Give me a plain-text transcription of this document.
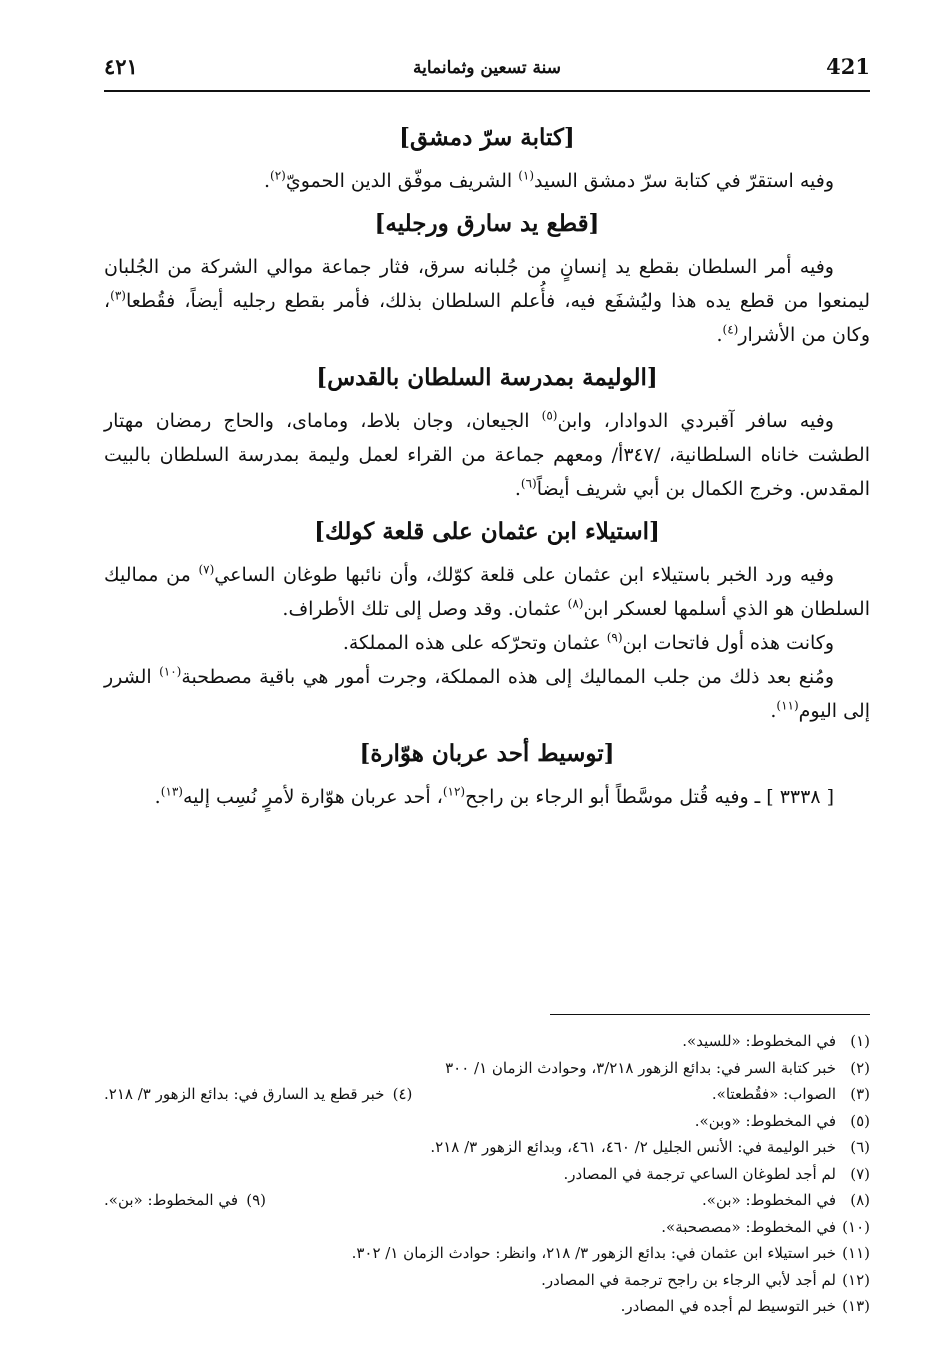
421
سنة تسعين وثمانماية
٤٢١
[كتابة سرّ دمشق]

وفيه استقرّ في كتابة سرّ دمشق السيد$^{(١)}$ الشريف موفّق الدين الحمويّ$^{(٢)}$.

[قطع يد سارق ورجليه]

وفيه أمر السلطان بقطع يد إنسانٍ من جُلبانه سرق، فثار جماعة موالي الشركة من الجُلبان ليمنعوا من قطع يده هذا وليُشفَع فيه، فأُعلم السلطان بذلك، فأمر بقطع رجليه أيضاً، فقُطعا$^{(٣)}$، وكان من الأشرار$^{(٤)}$.

[الوليمة بمدرسة السلطان بالقدس]

وفيه سافر آقبردي الدوادار، وابن$^{(٥)}$ الجيعان، وجان بلاط، ومامای، والحاج رمضان مهتار الطشت خاناه السلطانية، /٣٤٧أ/ ومعهم جماعة من القراء لعمل وليمة بمدرسة السلطان بالبيت المقدس. وخرج الكمال بن أبي شريف أيضاً$^{(٦)}$.

[استيلاء ابن عثمان على قلعة كولك]

وفيه ورد الخبر باستيلاء ابن عثمان على قلعة كوّلك، وأن نائبها طوغان الساعي$^{(٧)}$ من مماليك السلطان هو الذي أسلمها لعسكر ابن$^{(٨)}$ عثمان. وقد وصل إلى تلك الأطراف.

وكانت هذه أول فاتحات ابن$^{(٩)}$ عثمان وتحرّكه على هذه المملكة.

ومُنع بعد ذلك من جلب المماليك إلى هذه المملكة، وجرت أمور هي باقية مصطحبة$^{(١٠)}$ الشرر إلى اليوم$^{(١١)}$.

[توسيط أحد عربان هوّارة]

[ ٣٣٣٨ ] ـ وفيه قُتل موسَّطاً أبو الرجاء بن راجح$^{(١٢)}$، أحد عربان هوّارة لأمرٍ نُسِب إليه$^{(١٣)}$.

(١)في المخطوط: «للسيد».
(٢)خبر كتابة السر في: بدائع الزهور ٣/٢١٨، وحوادث الزمان ١/ ٣٠٠
(٣)الصواب: «فقُطعتا».
(٤)خبر قطع يد السارق في: بدائع الزهور ٣/ ٢١٨.
(٥)في المخطوط: «وبن».
(٦)خبر الوليمة في: الأنس الجليل ٢/ ٤٦٠، ٤٦١، وبدائع الزهور ٣/ ٢١٨.
(٧)لم أجد لطوغان الساعي ترجمة في المصادر.
(٨)في المخطوط: «بن».
(٩)في المخطوط: «بن».
(١٠)في المخطوط: «مصصحبة».
(١١)خبر استيلاء ابن عثمان في: بدائع الزهور ٣/ ٢١٨، وانظر: حوادث الزمان ١/ ٣٠٢.
(١٢)لم أجد لأبي الرجاء بن راجح ترجمة في المصادر.
(١٣)خبر التوسيط لم أجده في المصادر.
